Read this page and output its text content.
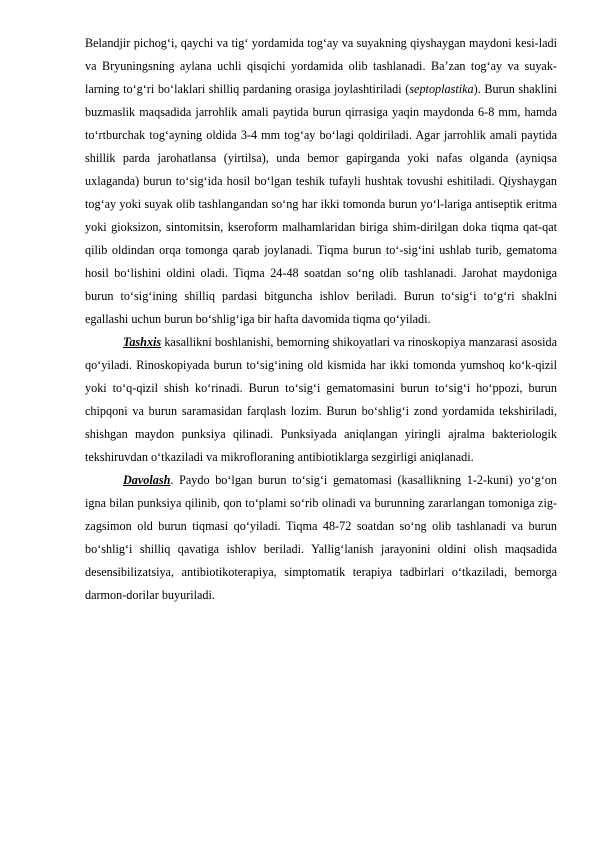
Belandjir pichog‘i, qaychi va tig‘ yordamida tog‘ay va suyakning qiyshaygan maydoni kesi-ladi va Bryuningsning aylana uchli qisqichi yordamida olib tashlanadi. Ba’zan tog‘ay va suyak-larning to‘g‘ri bo‘laklari shilliq pardaning orasiga joylashtiriladi (septoplastika). Burun shaklini buzmaslik maqsadida jarrohlik amali paytida burun qirrasiga yaqin maydonda 6-8 mm, hamda to‘rtburchak tog‘ayning oldida 3-4 mm tog‘ay bo‘lagi qoldiriladi. Agar jarrohlik amali paytida shillik parda jarohatlansa (yirtilsa), unda bemor gapirganda yoki nafas olganda (ayniqsa uxlaganda) burun to‘sig‘ida hosil bo‘lgan teshik tufayli hushtak tovushi eshitiladi. Qiyshaygan tog‘ay yoki suyak olib tashlangandan so‘ng har ikki tomonda burun yo‘l-lariga antiseptik eritma yoki gioksizon, sintomitsin, kseroform malhamlaridan biriga shim-dirilgan doka tiqma qat-qat qilib oldindan orqa tomonga qarab joylanadi. Tiqma burun to‘-sig‘ini ushlab turib, gematoma hosil bo‘lishini oldini oladi. Tiqma 24-48 soatdan so‘ng olib tashlanadi. Jarohat maydoniga burun to‘sig‘ining shilliq pardasi bitguncha ishlov beriladi. Burun to‘sig‘i to‘g‘ri shaklni egallashi uchun burun bo‘shlig‘iga bir hafta davomida tiqma qo‘yiladi.

Tashxis kasallikni boshlanishi, bemorning shikoyatlari va rinoskopiya manzarasi asosida qo‘yiladi. Rinoskopiyada burun to‘sig‘ining old kismida har ikki tomonda yumshoq ko‘k-qizil yoki to‘q-qizil shish ko‘rinadi. Burun to‘sig‘i gematomasini burun to‘sig‘i ho‘ppozi, burun chipqoni va burun saramasidan farqlash lozim. Burun bo‘shlig‘i zond yordamida tekshiriladi, shishgan maydon punksiya qilinadi. Punksiyada aniqlangan yiringli ajralma bakteriologik tekshiruvdan o‘tkaziladi va mikrofloraning antibiotiklarga sezgirligi aniqlanadi.

Davolash. Paydo bo‘lgan burun to‘sig‘i gematomasi (kasallikning 1-2-kuni) yo‘g‘on igna bilan punksiya qilinib, qon to‘plami so‘rib olinadi va burunning zararlangan tomoniga zig-zagsimon old burun tiqmasi qo‘yiladi. Tiqma 48-72 soatdan so‘ng olib tashlanadi va burun bo‘shlig‘i shilliq qavatiga ishlov beriladi. Yallig‘lanish jarayonini oldini olish maqsadida desensibilizatsiya, antibiotikoterapiya, simptomatik terapiya tadbirlari o‘tkaziladi, bemorga darmon-dorilar buyuriladi.
